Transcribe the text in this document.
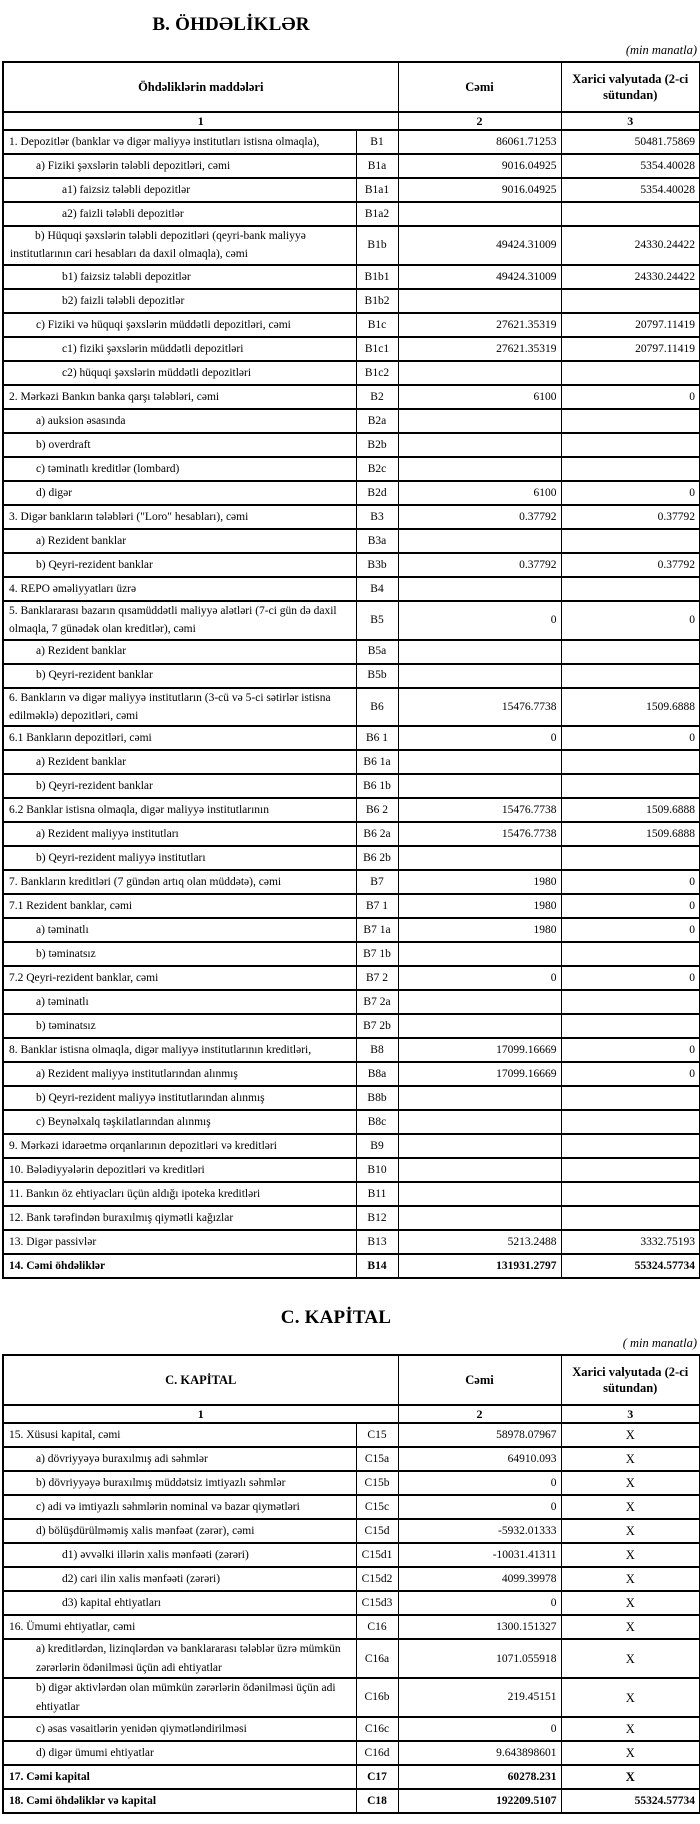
B. ÖHDƏLİKLƏR
(min manatla)
Öhdəliklərin maddələri		Cəmi	Xarici valyutada (2-ci sütundan)
1		2	3
1. Depozitlər (banklar və digər maliyyə institutları istisna olmaqla),	B1	86061.71253	50481.75869
a) Fiziki şəxslərin tələbli depozitləri, cəmi	B1a	9016.04925	5354.40028
a1) faizsiz tələbli depozitlər	B1a1	9016.04925	5354.40028
a2) faizli tələbli depozitlər	B1a2		
b) Hüquqi şəxslərin tələbli depozitləri (qeyri-bank maliyyə institutlarının cari hesabları da daxil olmaqla), cəmi	B1b	49424.31009	24330.24422
b1) faizsiz tələbli depozitlər	B1b1	49424.31009	24330.24422
b2) faizli tələbli depozitlər	B1b2		
c) Fiziki və hüquqi şəxslərin müddətli depozitləri, cəmi	B1c	27621.35319	20797.11419
c1) fiziki şəxslərin müddətli depozitləri	B1c1	27621.35319	20797.11419
c2) hüquqi şəxslərin müddətli depozitləri	B1c2		
2. Mərkəzi Bankın banka qarşı tələbləri, cəmi	B2	6100	0
a) auksion əsasında	B2a		
b) overdraft	B2b		
c) təminatlı kreditlər (lombard)	B2c		
d) digər	B2d	6100	0
3. Digər bankların tələbləri ("Loro" hesabları), cəmi	B3	0.37792	0.37792
a) Rezident banklar	B3a		
b) Qeyri-rezident banklar	B3b	0.37792	0.37792
4. REPO əməliyyatları üzrə	B4		
5. Banklararası bazarın qısamüddətli maliyyə alətləri (7-ci gün də daxil olmaqla, 7 günədək olan kreditlər), cəmi	B5	0	0
a) Rezident banklar	B5a		
b) Qeyri-rezident banklar	B5b		
6. Bankların və digər maliyyə institutların (3-cü və 5-ci sətirlər istisna edilməklə) depozitləri, cəmi	B6	15476.7738	1509.6888
6.1 Bankların depozitləri, cəmi	B6 1	0	0
a) Rezident banklar	B6 1a		
b) Qeyri-rezident banklar	B6 1b		
6.2 Banklar istisna olmaqla, digər maliyyə institutlarının	B6 2	15476.7738	1509.6888
a) Rezident maliyyə institutları	B6 2a	15476.7738	1509.6888
b) Qeyri-rezident maliyyə institutları	B6 2b		
7. Bankların kreditləri (7 gündən artıq olan müddətə), cəmi	B7	1980	0
7.1 Rezident banklar, cəmi	B7 1	1980	0
a) təminatlı	B7 1a	1980	0
b) təminatsız	B7 1b		
7.2 Qeyri-rezident banklar, cəmi	B7 2	0	0
a) təminatlı	B7 2a		
b) təminatsız	B7 2b		
8. Banklar istisna olmaqla, digər maliyyə institutlarının kreditləri,	B8	17099.16669	0
a) Rezident maliyyə institutlarından alınmış	B8a	17099.16669	0
b) Qeyri-rezident maliyyə institutlarından alınmış	B8b		
c) Beynəlxalq təşkilatlarından alınmış	B8c		
9. Mərkəzi idarəetmə orqanlarının depozitləri və kreditləri	B9		
10. Bələdiyyələrin depozitləri və kreditləri	B10		
11. Bankın öz ehtiyacları üçün aldığı ipoteka kreditləri	B11		
12. Bank tərəfindən buraxılmış qiymətli kağızlar	B12		
13. Digər passivlər	B13	5213.2488	3332.75193
14. Cəmi öhdəliklər	B14	131931.2797	55324.57734
C. KAPİTAL
( min manatla)
C. KAPİTAL		Cəmi	Xarici valyutada (2-ci sütundan)
1		2	3
15. Xüsusi kapital, cəmi	C15	58978.07967	X
a) dövriyyəyə buraxılmış adi səhmlər	C15a	64910.093	X
b) dövriyyəyə buraxılmış müddətsiz imtiyazlı səhmlər	C15b	0	X
c) adi və imtiyazlı səhmlərin nominal və bazar qiymətləri	C15c	0	X
d) bölüşdürülməmiş xalis mənfəət (zərər), cəmi	C15d	-5932.01333	X
d1) əvvəlki illərin xalis mənfəəti (zərəri)	C15d1	-10031.41311	X
d2) cari ilin xalis mənfəəti (zərəri)	C15d2	4099.39978	X
d3) kapital ehtiyatları	C15d3	0	X
16. Ümumi ehtiyatlar, cəmi	C16	1300.151327	X
a) kreditlərdən, lizinqlərdən və banklararası tələblər üzrə mümkün zərərlərin ödənilməsi üçün adi ehtiyatlar	C16a	1071.055918	X
b) digər aktivlərdən olan mümkün zərərlərin ödənilməsi üçün adi ehtiyatlar	C16b	219.45151	X
c) əsas vəsaitlərin yenidən qiymətləndirilməsi	C16c	0	X
d) digər ümumi ehtiyatlar	C16d	9.643898601	X
17. Cəmi kapital	C17	60278.231	X
18. Cəmi öhdəliklər və kapital	C18	192209.5107	55324.57734
